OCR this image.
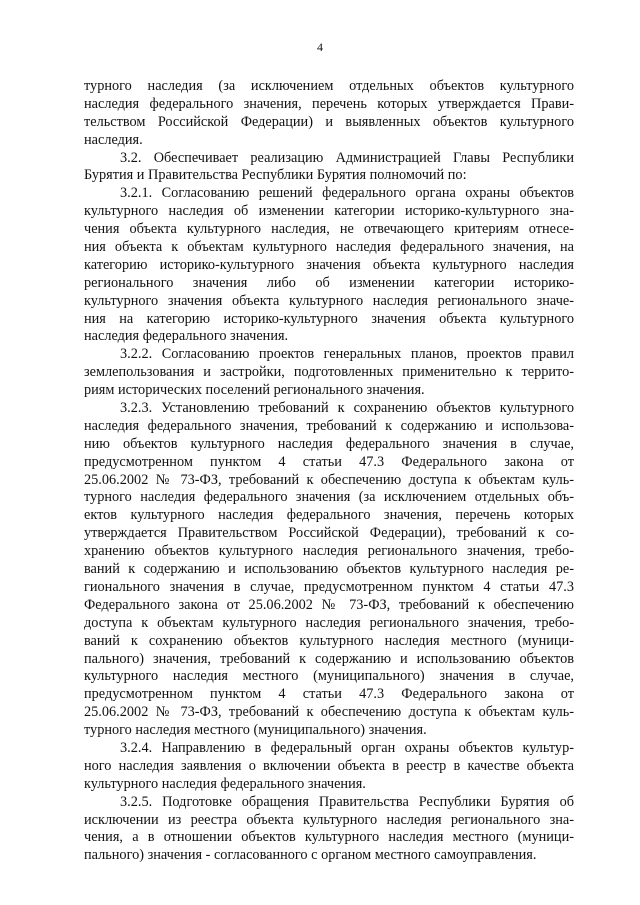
4
турного наследия (за исключением отдельных объектов культурного
наследия федерального значения, перечень которых утверждается Прави-
тельством Российской Федерации) и выявленных объектов культурного
наследия.
3.2. Обеспечивает реализацию Администрацией Главы Республики
Бурятия и Правительства Республики Бурятия полномочий по:
3.2.1. Согласованию решений федерального органа охраны объектов
культурного наследия об изменении категории историко-культурного зна-
чения объекта культурного наследия, не отвечающего критериям отнесе-
ния объекта к объектам культурного наследия федерального значения, на
категорию историко-культурного значения объекта культурного наследия
регионального значения либо об изменении категории историко-
культурного значения объекта культурного наследия регионального значе-
ния на категорию историко-культурного значения объекта культурного
наследия федерального значения.
3.2.2. Согласованию проектов генеральных планов, проектов правил
землепользования и застройки, подготовленных применительно к террито-
риям исторических поселений регионального значения.
3.2.3. Установлению требований к сохранению объектов культурного
наследия федерального значения, требований к содержанию и использова-
нию объектов культурного наследия федерального значения в случае,
предусмотренном пунктом 4 статьи 47.3 Федерального закона от
25.06.2002 № 73-ФЗ, требований к обеспечению доступа к объектам куль-
турного наследия федерального значения (за исключением отдельных объ-
ектов культурного наследия федерального значения, перечень которых
утверждается Правительством Российской Федерации), требований к со-
хранению объектов культурного наследия регионального значения, требо-
ваний к содержанию и использованию объектов культурного наследия ре-
гионального значения в случае, предусмотренном пунктом 4 статьи 47.3
Федерального закона от 25.06.2002 № 73-ФЗ, требований к обеспечению
доступа к объектам культурного наследия регионального значения, требо-
ваний к сохранению объектов культурного наследия местного (муници-
пального) значения, требований к содержанию и использованию объектов
культурного наследия местного (муниципального) значения в случае,
предусмотренном пунктом 4 статьи 47.3 Федерального закона от
25.06.2002 № 73-ФЗ, требований к обеспечению доступа к объектам куль-
турного наследия местного (муниципального) значения.
3.2.4. Направлению в федеральный орган охраны объектов культур-
ного наследия заявления о включении объекта в реестр в качестве объекта
культурного наследия федерального значения.
3.2.5. Подготовке обращения Правительства Республики Бурятия об
исключении из реестра объекта культурного наследия регионального зна-
чения, а в отношении объектов культурного наследия местного (муници-
пального) значения - согласованного с органом местного самоуправления.
